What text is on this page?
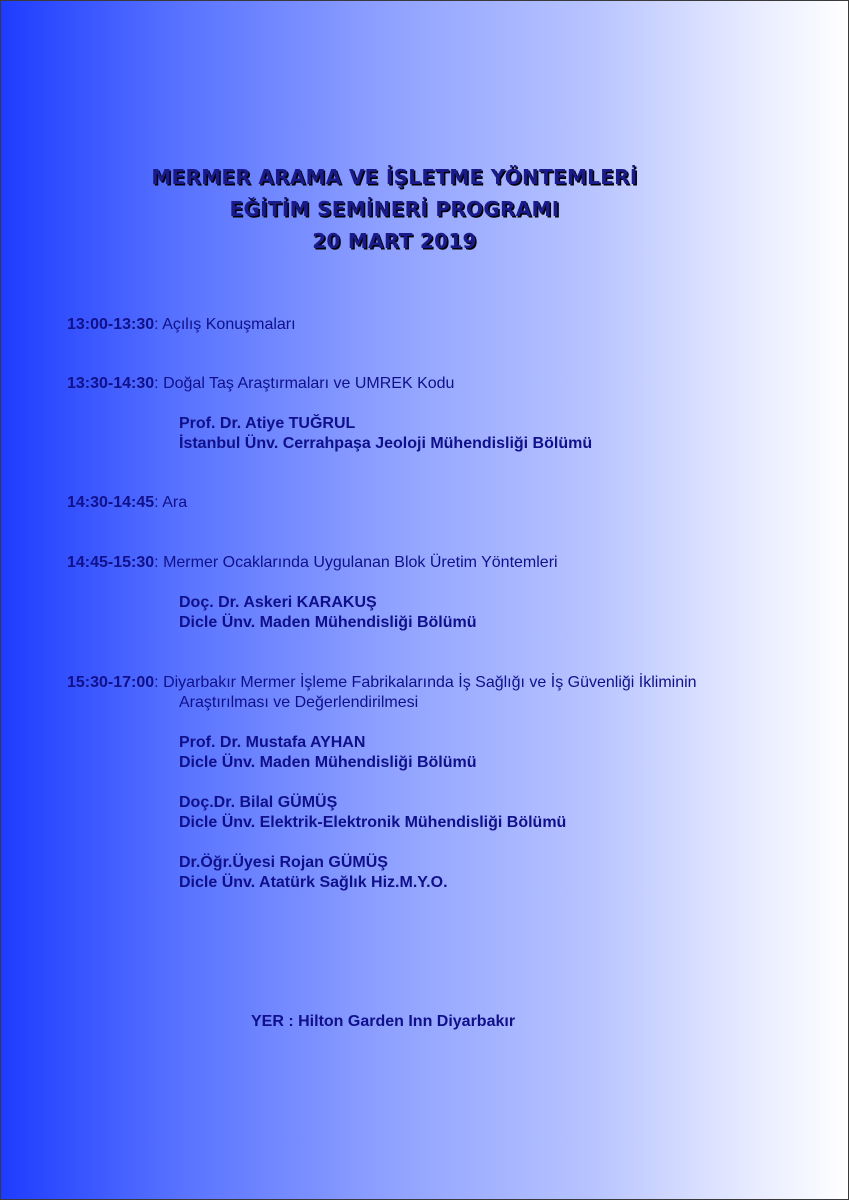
MERMER ARAMA VE İŞLETME YÖNTEMLERİ
EĞİTİM SEMİNERİ PROGRAMI
20 MART 2019
13:00-13:30: Açılış Konuşmaları
13:30-14:30: Doğal Taş Araştırmaları ve UMREK Kodu
Prof. Dr. Atiye TUĞRUL
İstanbul Ünv. Cerrahpaşa Jeoloji Mühendisliği Bölümü
14:30-14:45: Ara
14:45-15:30: Mermer Ocaklarında Uygulanan Blok Üretim Yöntemleri
Doç. Dr. Askeri KARAKUŞ
Dicle Ünv. Maden Mühendisliği Bölümü
15:30-17:00: Diyarbakır Mermer İşleme Fabrikalarında İş Sağlığı ve İş Güvenliği İkliminin
Araştırılması ve Değerlendirilmesi
Prof. Dr. Mustafa AYHAN
Dicle Ünv. Maden Mühendisliği Bölümü
Doç.Dr. Bilal GÜMÜŞ
Dicle Ünv. Elektrik-Elektronik Mühendisliği Bölümü
Dr.Öğr.Üyesi Rojan GÜMÜŞ
Dicle Ünv. Atatürk Sağlık Hiz.M.Y.O.
YER : Hilton Garden Inn Diyarbakır
